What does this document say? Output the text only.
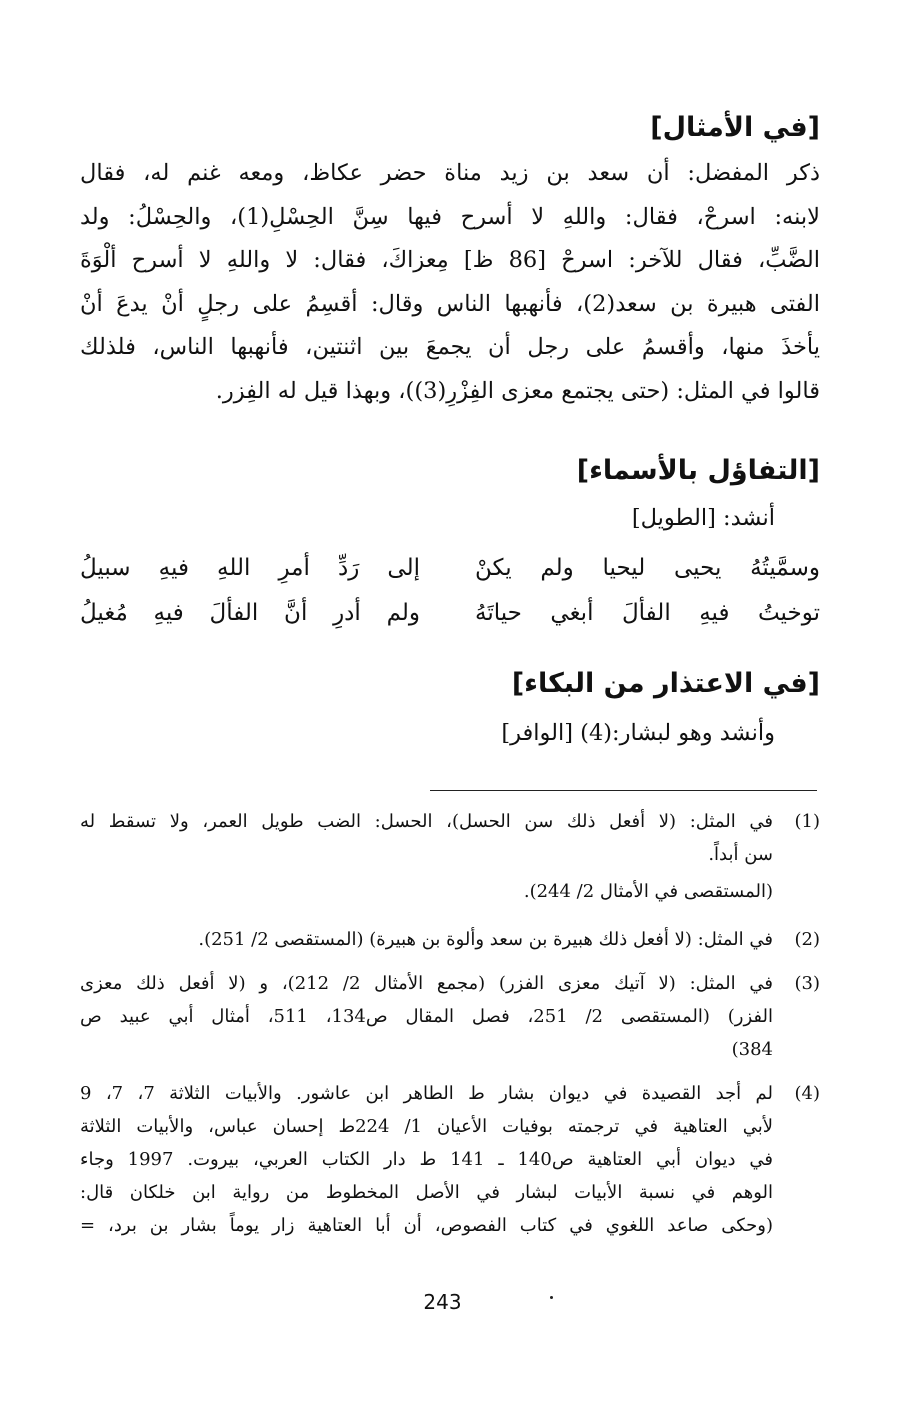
[في الأمثال]
ذكر المفضل: أن سعد بن زيد مناة حضر عكاظ، ومعه غنم له، فقال
لابنه: اسرحْ، فقال: واللهِ لا أسرح فيها سِنَّ الحِسْلِ(1)، والحِسْلُ: ولد
الضَّبِّ، فقال للآخر: اسرحْ [86 ظ] مِعزاكَ، فقال: لا واللهِ لا أسرح ألْوَةَ
الفتى هبيرة بن سعد(2)، فأنهبها الناس وقال: أقسِمُ على رجلٍ أنْ يدعَ أنْ
يأخذَ منها، وأقسمُ على رجل أن يجمعَ بين اثنتين، فأنهبها الناس، فلذلك
قالوا في المثل: (حتى يجتمع معزى الفِزْرِ(3))، وبهذا قيل له الفِزر.
[التفاؤل بالأسماء]
أنشد: [الطويل]
وسمَّيتُهُ يحيى ليحيا ولم يكنْ
إلى رَدِّ أمرِ اللهِ فيهِ سبيلُ
توخيتُ فيهِ الفألَ أبغي حياتَهُ
ولم أدرِ أنَّ الفألَ فيهِ مُغيلُ
[في الاعتذار من البكاء]
وأنشد وهو لبشار:(4) [الوافر]
(1)
في المثل: (لا أفعل ذلك سن الحسل)، الحسل: الضب طويل العمر، ولا تسقط له
سن أبداً.
(المستقصى في الأمثال 2/ 244).
(2)
في المثل: (لا أفعل ذلك هبيرة بن سعد وألوة بن هبيرة) (المستقصى 2/ 251).
(3)
في المثل: (لا آتيك معزى الفزر) (مجمع الأمثال 2/ 212)، و (لا أفعل ذلك معزى
الفزر) (المستقصى 2/ 251، فصل المقال ص134، 511، أمثال أبي عبيد ص
384)
(4)
لم أجد القصيدة في ديوان بشار ط الطاهر ابن عاشور. والأبيات الثلاثة 7، 7، 9
لأبي العتاهية في ترجمته بوفيات الأعيان 1/ 224ط إحسان عباس، والأبيات الثلاثة
في ديوان أبي العتاهية ص140 ـ 141 ط دار الكتاب العربي، بيروت. 1997 وجاء
الوهم في نسبة الأبيات لبشار في الأصل المخطوط من رواية ابن خلكان قال:
(وحكى صاعد اللغوي في كتاب الفصوص، أن أبا العتاهية زار يوماً بشار بن برد، =
243
